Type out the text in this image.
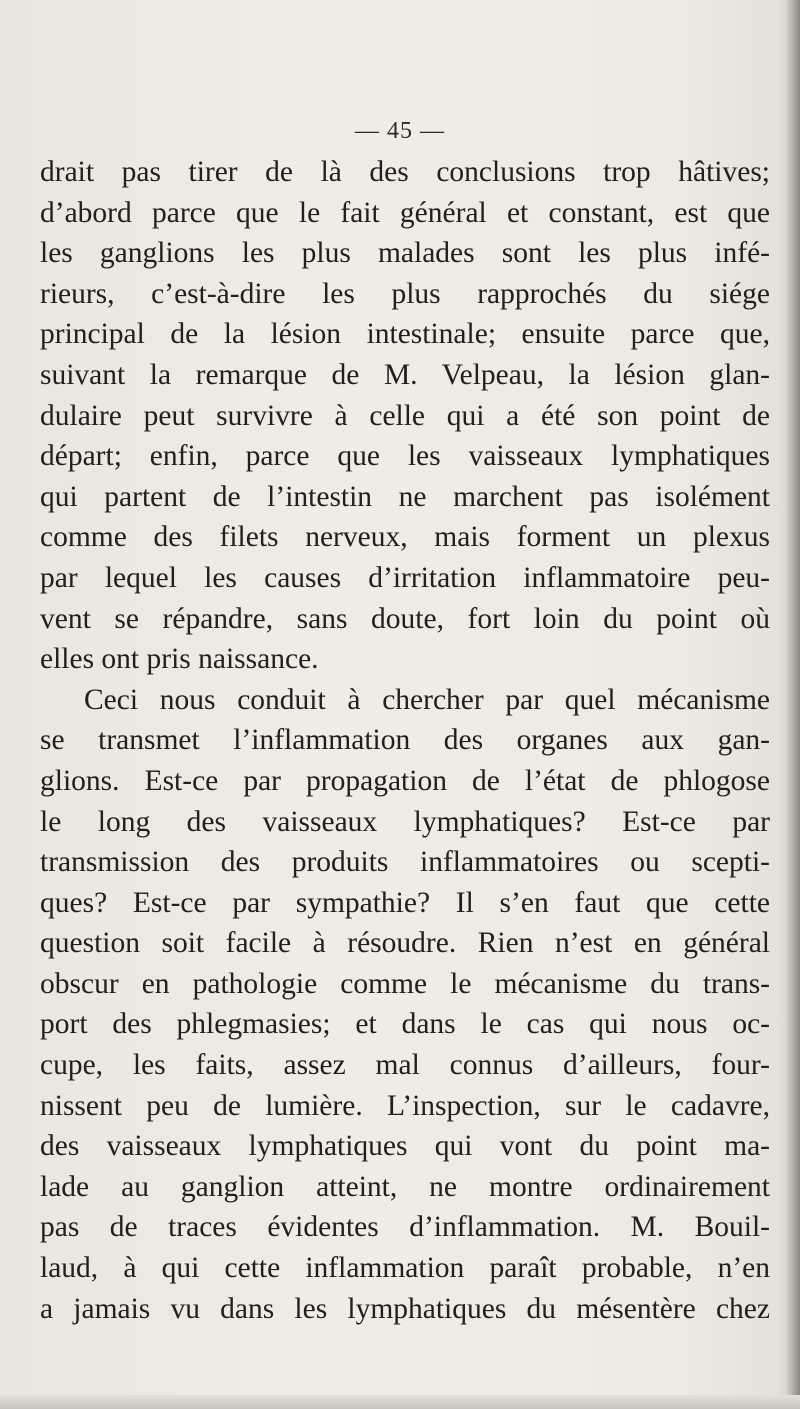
— 45 —
drait pas tirer de là des conclusions trop hâtives;
d’abord parce que le fait général et constant, est que
les ganglions les plus malades sont les plus infé-
rieurs, c’est-à-dire les plus rapprochés du siége
principal de la lésion intestinale; ensuite parce que,
suivant la remarque de M. Velpeau, la lésion glan-
dulaire peut survivre à celle qui a été son point de
départ; enfin, parce que les vaisseaux lymphatiques
qui partent de l’intestin ne marchent pas isolément
comme des filets nerveux, mais forment un plexus
par lequel les causes d’irritation inflammatoire peu-
vent se répandre, sans doute, fort loin du point où
elles ont pris naissance.
Ceci nous conduit à chercher par quel mécanisme
se transmet l’inflammation des organes aux gan-
glions. Est-ce par propagation de l’état de phlogose
le long des vaisseaux lymphatiques? Est-ce par
transmission des produits inflammatoires ou scepti-
ques? Est-ce par sympathie? Il s’en faut que cette
question soit facile à résoudre. Rien n’est en général
obscur en pathologie comme le mécanisme du trans-
port des phlegmasies; et dans le cas qui nous oc-
cupe, les faits, assez mal connus d’ailleurs, four-
nissent peu de lumière. L’inspection, sur le cadavre,
des vaisseaux lymphatiques qui vont du point ma-
lade au ganglion atteint, ne montre ordinairement
pas de traces évidentes d’inflammation. M. Bouil-
laud, à qui cette inflammation paraît probable, n’en
a jamais vu dans les lymphatiques du mésentère chez
